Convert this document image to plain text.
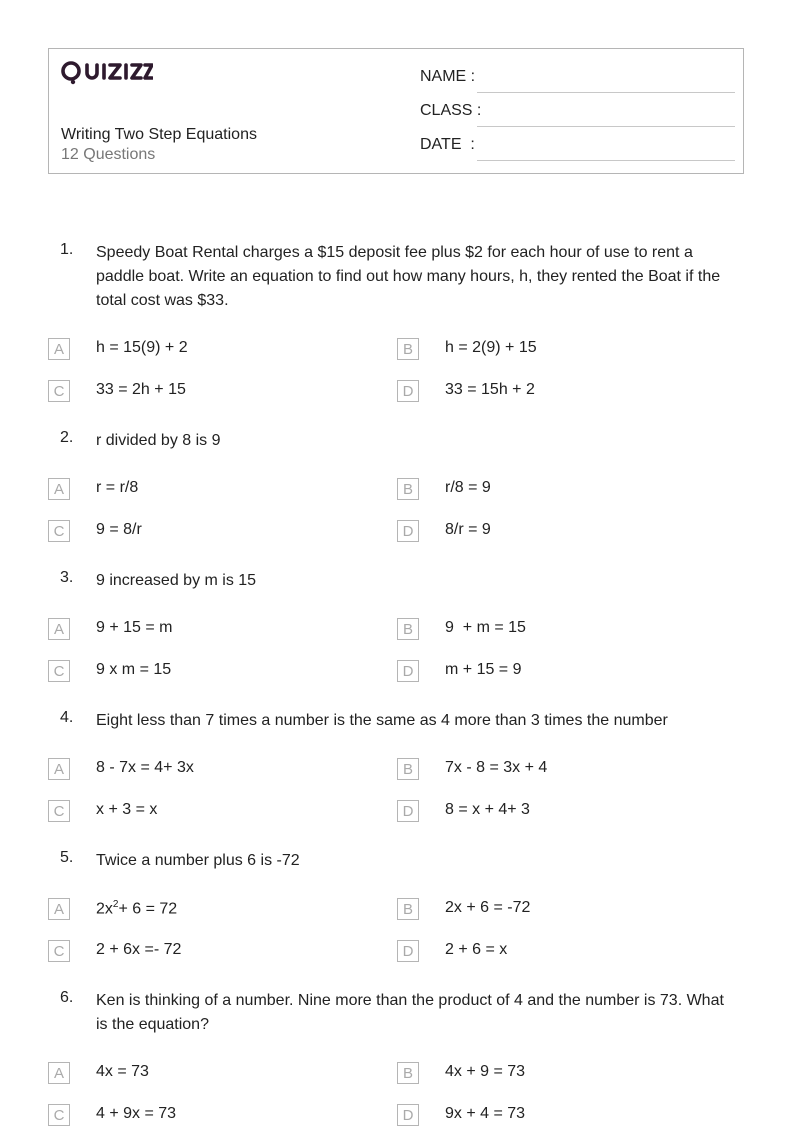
Writing Two Step Equations
12 Questions
NAME :
CLASS :
DATE  :
1. Speedy Boat Rental charges a $15 deposit fee plus $2 for each hour of use to rent a paddle boat. Write an equation to find out how many hours, h, they rented the Boat if the total cost was $33.
A	h = 15(9) + 2	B	h = 2(9) + 15
C	33 = 2h + 15	D	33 = 15h + 2
2. r divided by 8 is 9
A	r = r/8	B	r/8 = 9
C	9 = 8/r	D	8/r = 9
3. 9 increased by m is 15
A	9 + 15 = m	B	9  + m = 15
C	9 x m = 15	D	m + 15 = 9
4. Eight less than 7 times a number is the same as 4 more than 3 times the number
A	8 - 7x = 4+ 3x	B	7x - 8 = 3x + 4
C	x + 3 = x	D	8 = x + 4+ 3
5. Twice a number plus 6 is -72
A	$2x^2+ 6 = 72$	B	2x + 6 = -72
C	2 + 6x =- 72	D	2 + 6 = x
6. Ken is thinking of a number. Nine more than the product of 4 and the number is 73. What is the equation?
A	4x = 73	B	4x + 9 = 73
C	4 + 9x = 73	D	9x + 4 = 73
